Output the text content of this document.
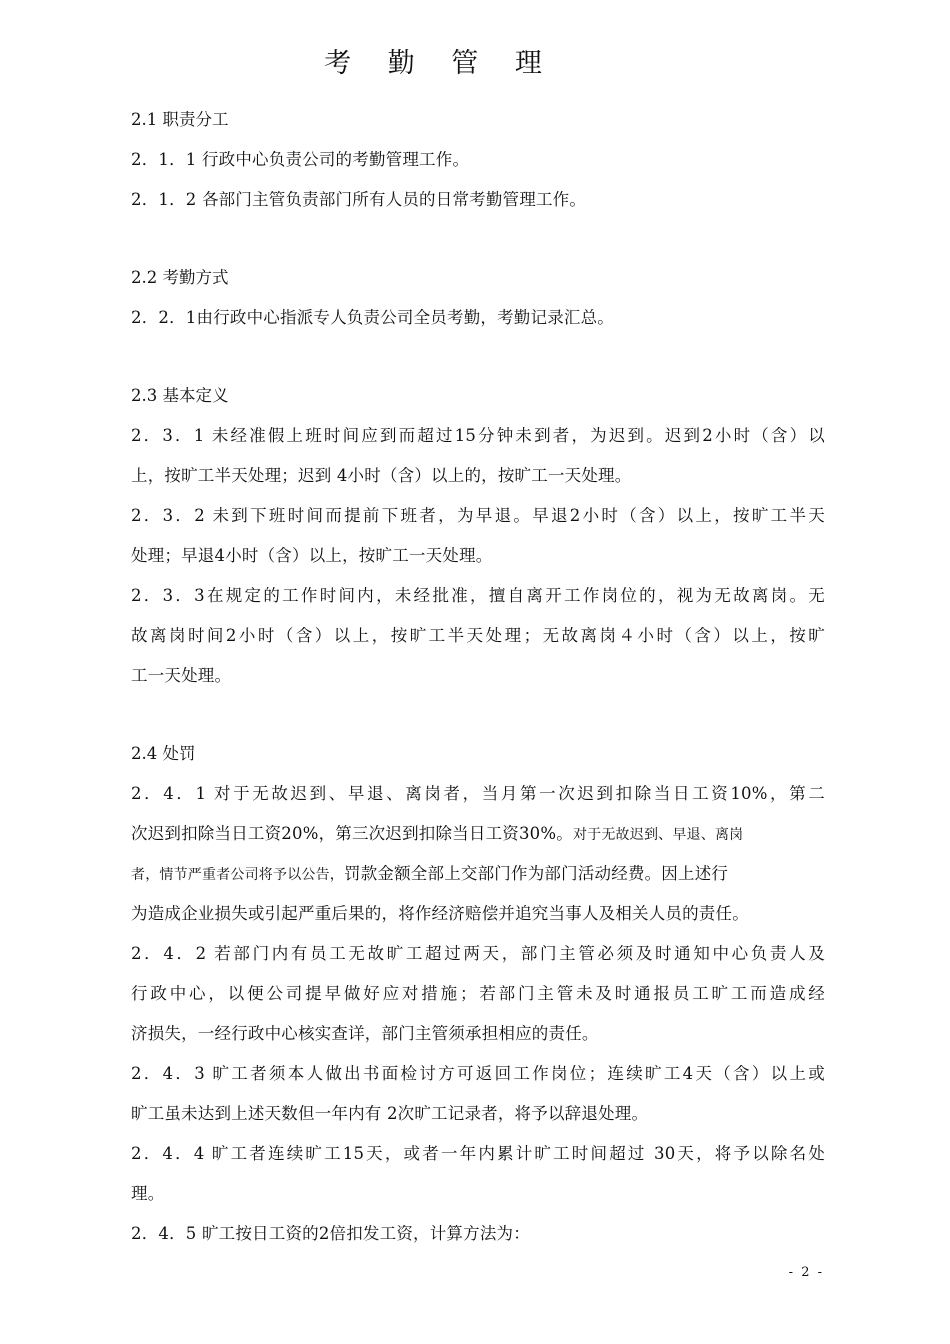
考 勤 管 理
2.1 职责分工
2．1．1 行政中心负责公司的考勤管理工作。
2．1．2 各部门主管负责部门所有人员的日常考勤管理工作。
2.2 考勤方式
2．2．1由行政中心指派专人负责公司全员考勤，考勤记录汇总。
2.3 基本定义
2．3．1 未经准假上班时间应到而超过15分钟未到者，为迟到。迟到2小时（含）以
上，按旷工半天处理；迟到 4小时（含）以上的，按旷工一天处理。
2．3．2 未到下班时间而提前下班者，为早退。早退2小时（含）以上，按旷工半天
处理；早退4小时（含）以上，按旷工一天处理。
2．3．3在规定的工作时间内，未经批准，擅自离开工作岗位的，视为无故离岗。无
故离岗时间2小时（含）以上，按旷工半天处理；无故离岗４小时（含）以上，按旷
工一天处理。
2.4 处罚
2．4．1 对于无故迟到、早退、离岗者，当月第一次迟到扣除当日工资10%，第二
次迟到扣除当日工资20%，第三次迟到扣除当日工资30%。对于无故迟到、早退、离岗
者，情节严重者公司将予以公告，罚款金额全部上交部门作为部门活动经费。因上述行
为造成企业损失或引起严重后果的，将作经济赔偿并追究当事人及相关人员的责任。
2．4．2 若部门内有员工无故旷工超过两天，部门主管必须及时通知中心负责人及
行政中心，以便公司提早做好应对措施；若部门主管未及时通报员工旷工而造成经
济损失，一经行政中心核实查详，部门主管须承担相应的责任。
2．4．3 旷工者须本人做出书面检讨方可返回工作岗位；连续旷工4天（含）以上或
旷工虽未达到上述天数但一年内有 2次旷工记录者，将予以辞退处理。
2．4．4 旷工者连续旷工15天，或者一年内累计旷工时间超过 30天，将予以除名处
理。
2．4．5 旷工按日工资的2倍扣发工资，计算方法为：
- 2 -
